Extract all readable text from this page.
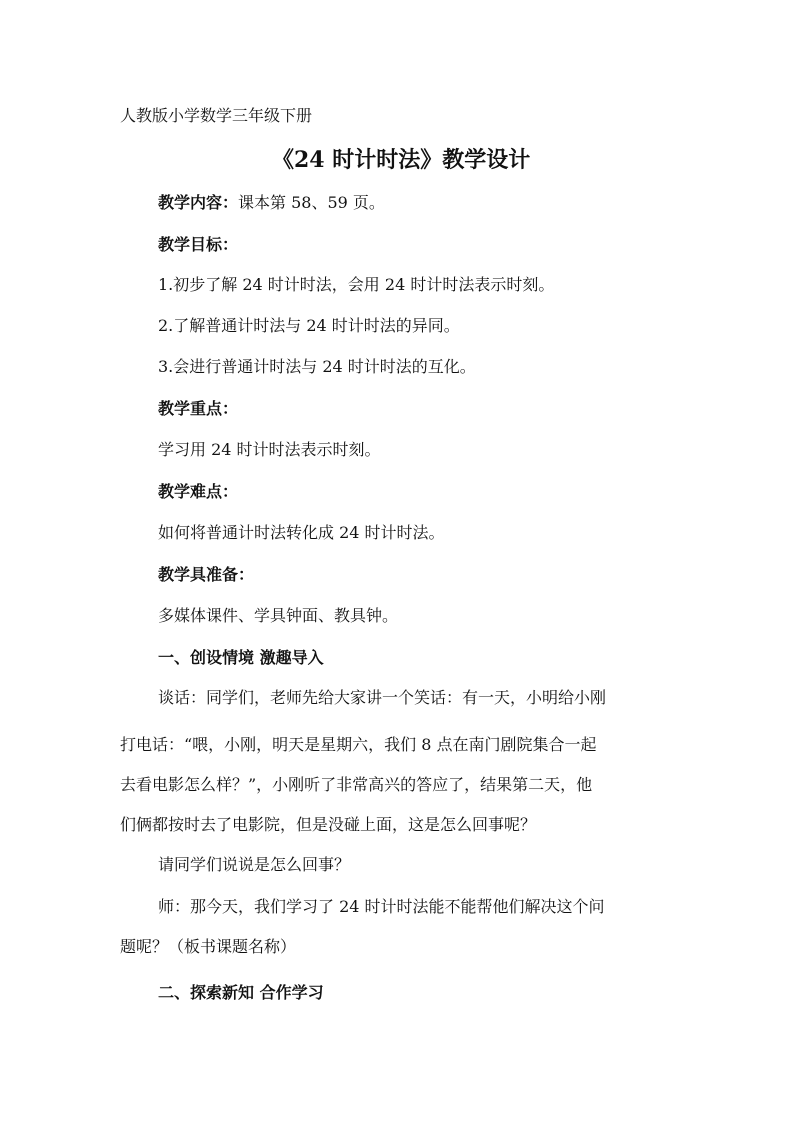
人教版小学数学三年级下册
《24 时计时法》教学设计
教学内容：课本第 58、59 页。
教学目标：
1.初步了解 24 时计时法，会用 24 时计时法表示时刻。
2.了解普通计时法与 24 时计时法的异同。
3.会进行普通计时法与 24 时计时法的互化。
教学重点：
学习用 24 时计时法表示时刻。
教学难点：
如何将普通计时法转化成 24 时计时法。
教学具准备：
多媒体课件、学具钟面、教具钟。
一、创设情境 激趣导入
谈话：同学们，老师先给大家讲一个笑话：有一天，小明给小刚
打电话：“喂，小刚，明天是星期六，我们 8 点在南门剧院集合一起
去看电影怎么样？”，小刚听了非常高兴的答应了，结果第二天，他
们俩都按时去了电影院，但是没碰上面，这是怎么回事呢？
请同学们说说是怎么回事？
师：那今天，我们学习了 24 时计时法能不能帮他们解决这个问
题呢？（板书课题名称）
二、探索新知 合作学习
